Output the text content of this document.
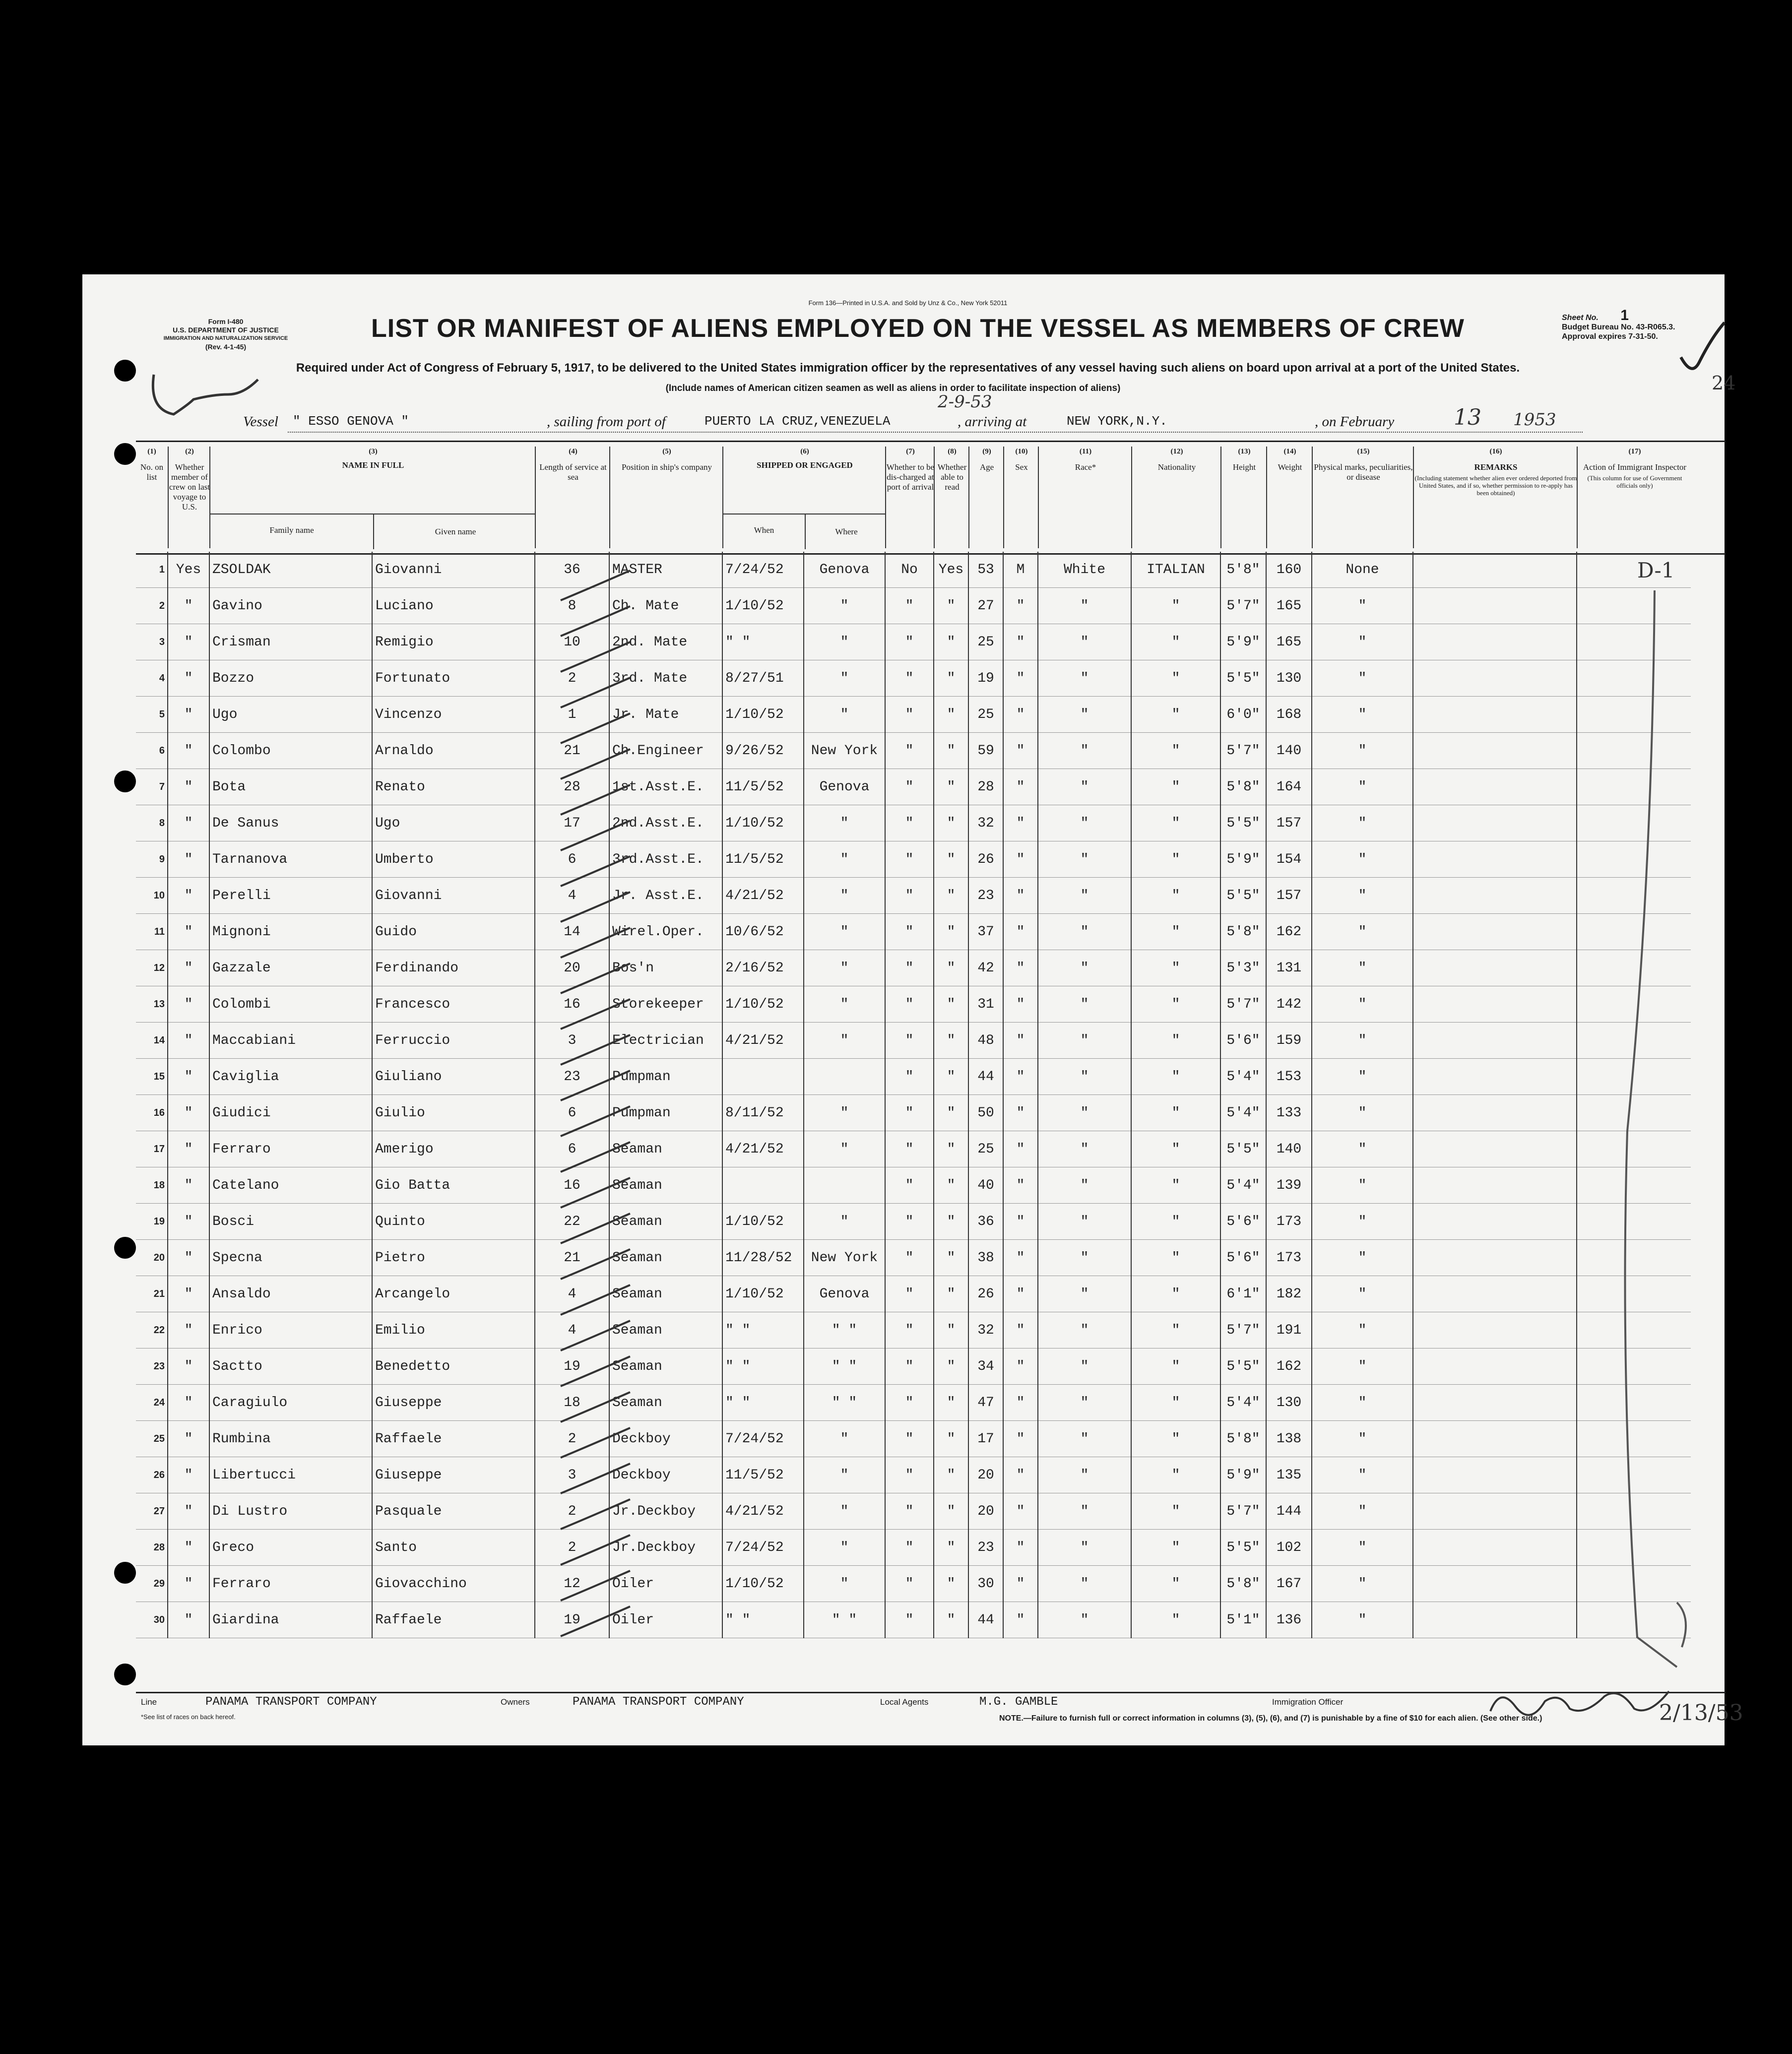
Form I-480
U.S. DEPARTMENT OF JUSTICE
IMMIGRATION AND NATURALIZATION SERVICE
(Rev. 4-1-45)
Form 136—Printed in U.S.A. and Sold by Unz & Co., New York 52011
LIST OR MANIFEST OF ALIENS EMPLOYED ON THE VESSEL AS MEMBERS OF CREW
Required under Act of Congress of February 5, 1917, to be delivered to the United States immigration officer by the representatives of any vessel having such aliens on board upon arrival at a port of the United States.
(Include names of American citizen seamen as well as aliens in order to facilitate inspection of aliens)
Sheet No. 1
Budget Bureau No. 43-R065.3.
Approval expires 7-31-50.
24
Vessel " ESSO GENOVA "	, sailing from port of	PUERTO LA CRUZ,VENEZUELA
2-9-53
, arriving at	NEW YORK,N.Y.	, on February	13 1953
(1)
No. on list
(2)
Whether member of crew on last voyage to U.S.
(3)
NAME IN FULL
Family name	Given name
(4)
Length of service at sea
(5)
Position in ship's company
(6)
SHIPPED OR ENGAGED
When	Where
(7)
Whether to be dis-charged at port of arrival
(8)
Whether able to read
(9)
Age
(10)
Sex
(11)
Race*
(12)
Nationality
(13)
Height
(14)
Weight
(15)
Physical marks, peculiarities, or disease
(16)
REMARKS
(Including statement whether alien ever ordered deported from United States, and if so, whether permission to re-apply has been obtained)
(17)
Action of Immigrant Inspector
(This column for use of Government officials only)
1	Yes	ZSOLDAK	Giovanni	36	MASTER	7/24/52	Genova	No	Yes	53	M	White	ITALIAN	5'8"	160	None		
2	"	Gavino	Luciano	8	Ch. Mate	1/10/52	"	"	"	27	"	"	"	5'7"	165	"		
3	"	Crisman	Remigio	10	2nd. Mate	" "	"	"	"	25	"	"	"	5'9"	165	"		
4	"	Bozzo	Fortunato	2	3rd. Mate	8/27/51	"	"	"	19	"	"	"	5'5"	130	"		
5	"	Ugo	Vincenzo	1	Jr. Mate	1/10/52	"	"	"	25	"	"	"	6'0"	168	"		
6	"	Colombo	Arnaldo	21	Ch.Engineer	9/26/52	New York	"	"	59	"	"	"	5'7"	140	"		
7	"	Bota	Renato	28	1st.Asst.E.	11/5/52	Genova	"	"	28	"	"	"	5'8"	164	"		
8	"	De Sanus	Ugo	17	2nd.Asst.E.	1/10/52	"	"	"	32	"	"	"	5'5"	157	"		
9	"	Tarnanova	Umberto	6	3rd.Asst.E.	11/5/52	"	"	"	26	"	"	"	5'9"	154	"		
10	"	Perelli	Giovanni	4	Jr. Asst.E.	4/21/52	"	"	"	23	"	"	"	5'5"	157	"		
11	"	Mignoni	Guido	14	Wirel.Oper.	10/6/52	"	"	"	37	"	"	"	5'8"	162	"		
12	"	Gazzale	Ferdinando	20	Bos'n	2/16/52	"	"	"	42	"	"	"	5'3"	131	"		
13	"	Colombi	Francesco	16	Storekeeper	1/10/52	"	"	"	31	"	"	"	5'7"	142	"		
14	"	Maccabiani	Ferruccio	3	Electrician	4/21/52	"	"	"	48	"	"	"	5'6"	159	"		
15	"	Caviglia	Giuliano	23	Pumpman			"	"	44	"	"	"	5'4"	153	"		
16	"	Giudici	Giulio	6	Pumpman	8/11/52	"	"	"	50	"	"	"	5'4"	133	"		
17	"	Ferraro	Amerigo	6	Seaman	4/21/52	"	"	"	25	"	"	"	5'5"	140	"		
18	"	Catelano	Gio Batta	16	Seaman			"	"	40	"	"	"	5'4"	139	"		
19	"	Bosci	Quinto	22	Seaman	1/10/52	"	"	"	36	"	"	"	5'6"	173	"		
20	"	Specna	Pietro	21	Seaman	11/28/52	New York	"	"	38	"	"	"	5'6"	173	"		
21	"	Ansaldo	Arcangelo	4	Seaman	1/10/52	Genova	"	"	26	"	"	"	6'1"	182	"		
22	"	Enrico	Emilio	4	Seaman	" "	" "	"	"	32	"	"	"	5'7"	191	"		
23	"	Sactto	Benedetto	19	Seaman	" "	" "	"	"	34	"	"	"	5'5"	162	"		
24	"	Caragiulo	Giuseppe	18	Seaman	" "	" "	"	"	47	"	"	"	5'4"	130	"		
25	"	Rumbina	Raffaele	2	Deckboy	7/24/52	"	"	"	17	"	"	"	5'8"	138	"		
26	"	Libertucci	Giuseppe	3	Deckboy	11/5/52	"	"	"	20	"	"	"	5'9"	135	"		
27	"	Di Lustro	Pasquale	2	Jr.Deckboy	4/21/52	"	"	"	20	"	"	"	5'7"	144	"		
28	"	Greco	Santo	2	Jr.Deckboy	7/24/52	"	"	"	23	"	"	"	5'5"	102	"		
29	"	Ferraro	Giovacchino	12	Oiler	1/10/52	"	"	"	30	"	"	"	5'8"	167	"		
30	"	Giardina	Raffaele	19	Oiler	" "	" "	"	"	44	"	"	"	5'1"	136	"		
D-1
Line	PANAMA TRANSPORT COMPANY	Owners	PANAMA TRANSPORT COMPANY	Local Agents	M.G. GAMBLE	Immigration Officer
*See list of races on back hereof.	NOTE.—Failure to furnish full or correct information in columns (3), (5), (6), and (7) is punishable by a fine of $10 for each alien. (See other side.)	2/13/53
